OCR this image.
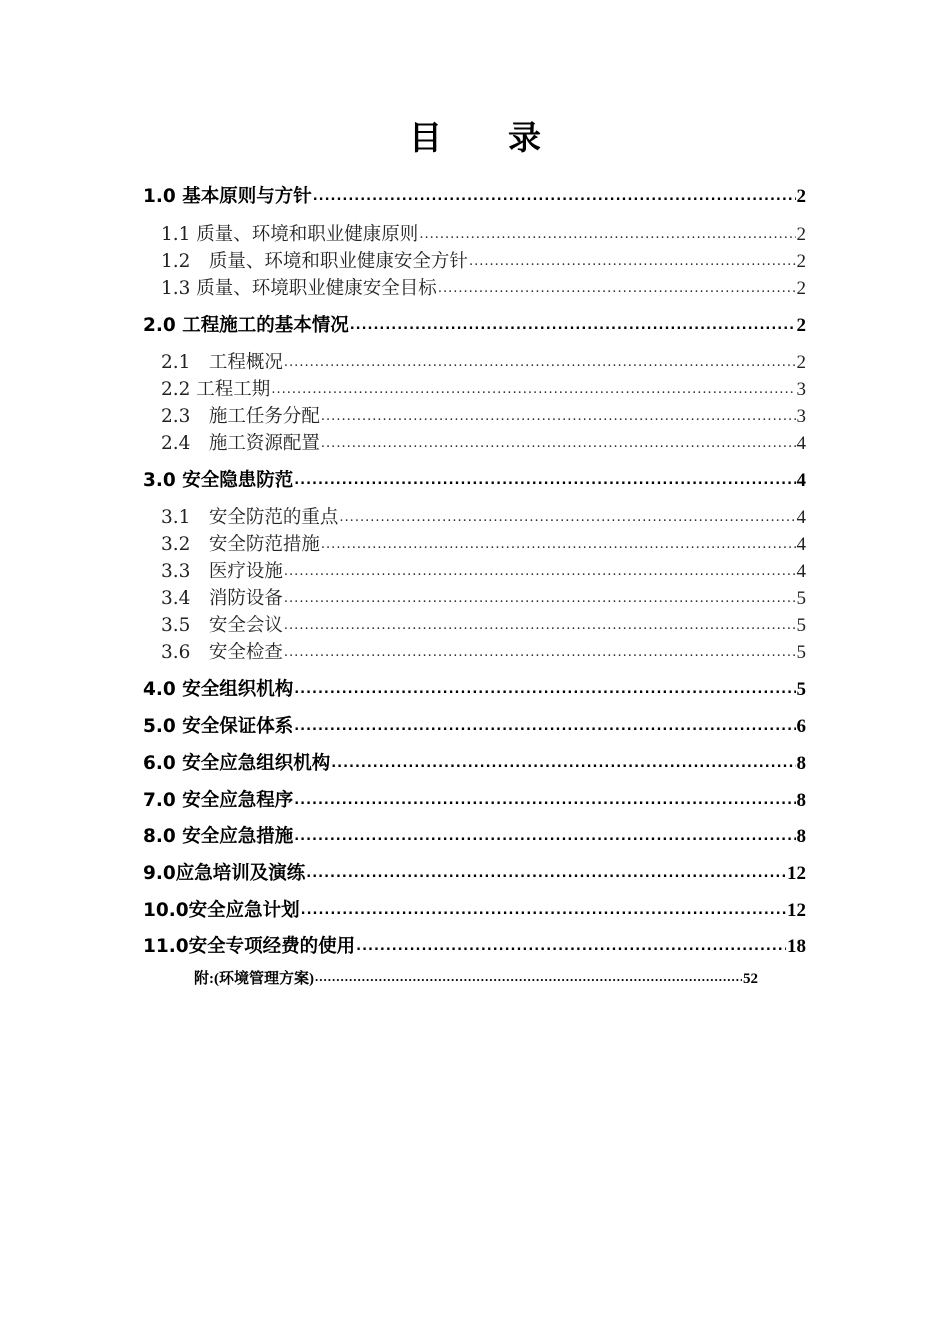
目　　录
1.0 基本原则与方针 .....	2
1.1 质量、环境和职业健康原则 .....	2
1.2　质量、环境和职业健康安全方针 .....	2
1.3 质量、环境职业健康安全目标 .....	2
2.0 工程施工的基本情况 .....	2
2.1　工程概况 .....	2
2.2 工程工期 .....	3
2.3　施工任务分配 .....	3
2.4　施工资源配置 .....	4
3.0 安全隐患防范 .....	4
3.1　安全防范的重点 .....	4
3.2　安全防范措施 .....	4
3.3　医疗设施 .....	4
3.4　消防设备 .....	5
3.5　安全会议 .....	5
3.6　安全检查 .....	5
4.0 安全组织机构 .....	5
5.0 安全保证体系 .....	6
6.0 安全应急组织机构 .....	8
7.0 安全应急程序 .....	8
8.0 安全应急措施 .....	8
9.0应急培训及演练 .....	12
10.0安全应急计划 .....	12
11.0安全专项经费的使用 .....	18
附:(环境管理方案) .....	52
